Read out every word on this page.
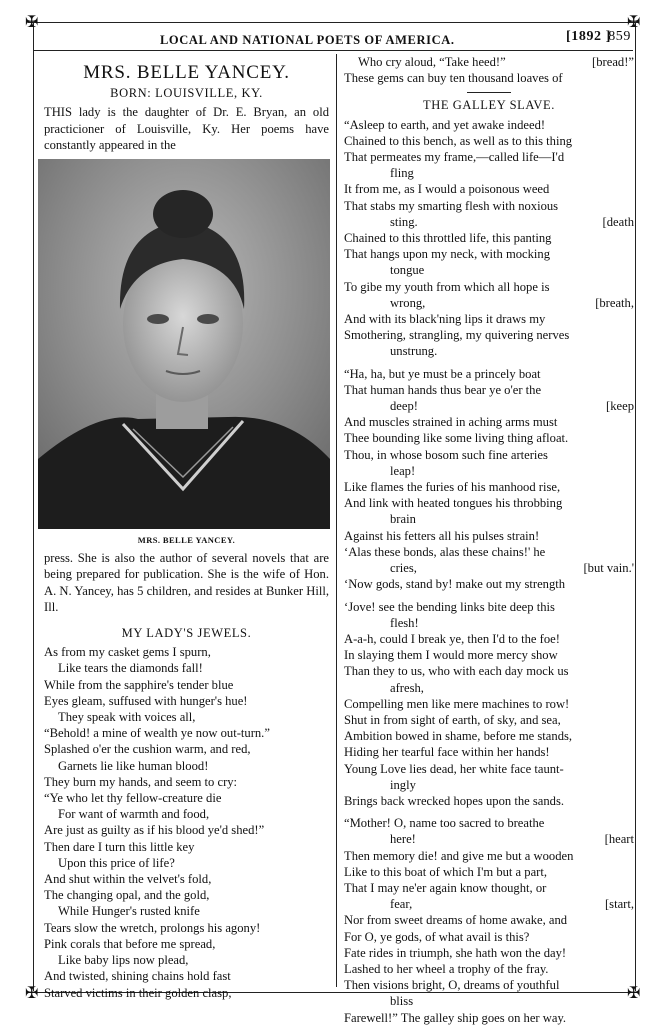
✠	✠
✠	✠
LOCAL AND NATIONAL POETS OF AMERICA.	[1892 ]
859
MRS. BELLE YANCEY.
BORN: LOUISVILLE, KY.
THIS lady is the daughter of Dr. E. Bryan, an old practicioner of Louisville, Ky. Her poems have constantly appeared in the
MRS. BELLE YANCEY.
press. She is also the author of several novels that are being prepared for publication. She is the wife of Hon. A. N. Yancey, has 5 children, and resides at Bunker Hill, Ill.
MY LADY'S JEWELS.
As from my casket gems I spurn,
Like tears the diamonds fall!
While from the sapphire's tender blue
Eyes gleam, suffused with hunger's hue!
They speak with voices all,
“Behold! a mine of wealth ye now out-turn.”
Splashed o'er the cushion warm, and red,
Garnets lie like human blood!
They burn my hands, and seem to cry:
“Ye who let thy fellow-creature die
For want of warmth and food,
Are just as guilty as if his blood ye'd shed!”
Then dare I turn this little key
Upon this price of life?
And shut within the velvet's fold,
The changing opal, and the gold,
While Hunger's rusted knife
Tears slow the wretch, prolongs his agony!
Pink corals that before me spread,
Like baby lips now plead,
And twisted, shining chains hold fast
Starved victims in their golden clasp,
Who cry aloud, “Take heed!”	[bread!”
These gems can buy ten thousand loaves of
THE GALLEY SLAVE.
“Asleep to earth, and yet awake indeed!
Chained to this bench, as well as to this thing
That permeates my frame,—called life—I'd
fling
It from me, as I would a poisonous weed
That stabs my smarting flesh with noxious
sting.	[death
Chained to this throttled life, this panting
That hangs upon my neck, with mocking
tongue
To gibe my youth from which all hope is
wrong,	[breath,
And with its black'ning lips it draws my
Smothering, strangling, my quivering nerves
unstrung.
“Ha, ha, but ye must be a princely boat
That human hands thus bear ye o'er the
deep!	[keep
And muscles strained in aching arms must
Thee bounding like some living thing afloat.
Thou, in whose bosom such fine arteries
leap!
Like flames the furies of his manhood rise,
And link with heated tongues his throbbing
brain
Against his fetters all his pulses strain!
‘Alas these bonds, alas these chains!' he
cries,	[but vain.'
‘Now gods, stand by! make out my strength
‘Jove! see the bending links bite deep this
flesh!
A-a-h, could I break ye, then I'd to the foe!
In slaying them I would more mercy show
Than they to us, who with each day mock us
afresh,
Compelling men like mere machines to row!
Shut in from sight of earth, of sky, and sea,
Ambition bowed in shame, before me stands,
Hiding her tearful face within her hands!
Young Love lies dead, her white face taunt-
ingly
Brings back wrecked hopes upon the sands.
“Mother! O, name too sacred to breathe
here!	[heart
Then memory die! and give me but a wooden
Like to this boat of which I'm but a part,
That I may ne'er again know thought, or
fear,	[start,
Nor from sweet dreams of home awake, and
For O, ye gods, of what avail is this?
Fate rides in triumph, she hath won the day!
Lashed to her wheel a trophy of the fray.
Then visions bright, O, dreams of youthful
bliss
Farewell!” The galley ship goes on her way.
